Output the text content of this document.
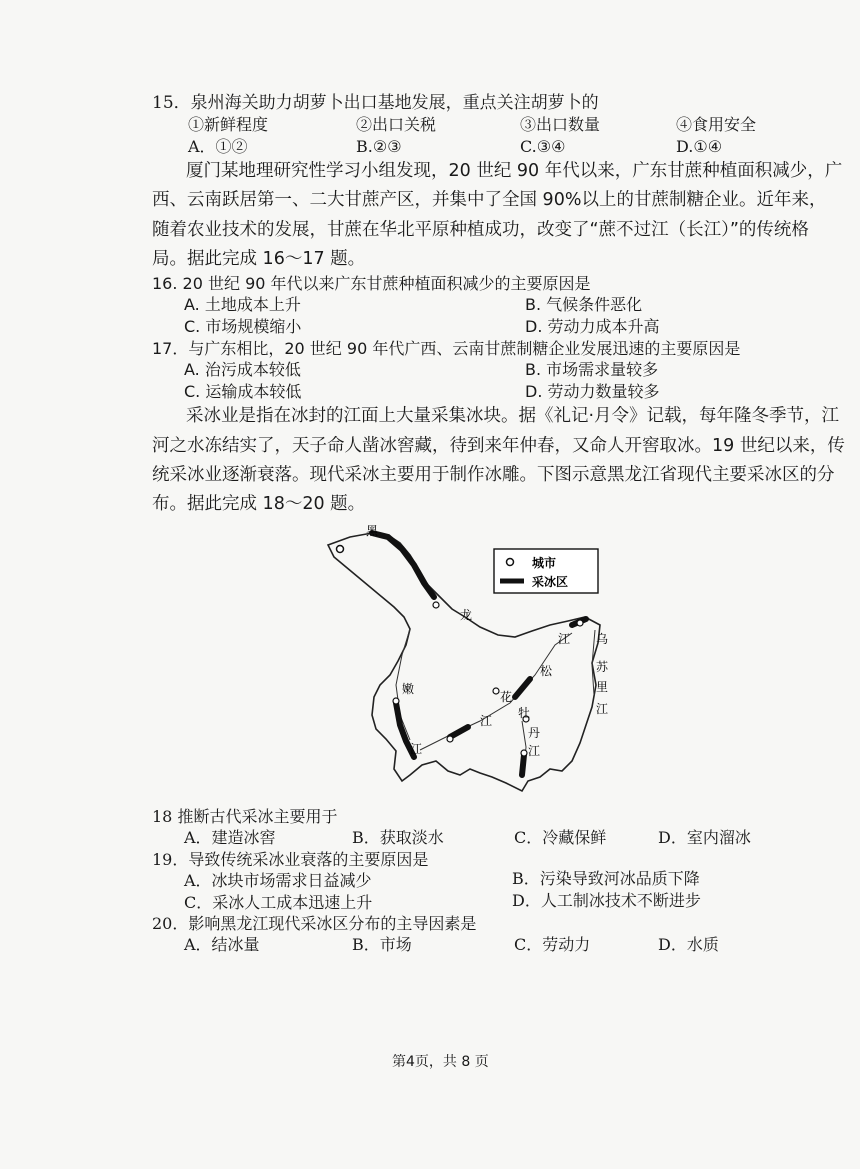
15．泉州海关助力胡萝卜出口基地发展，重点关注胡萝卜的
①新鲜程度	②出口关税	③出口数量	④食用安全
A．①②	B.②③	C.③④	D.①④
厦门某地理研究性学习小组发现，20 世纪 90 年代以来，广东甘蔗种植面积减少，广
西、云南跃居第一、二大甘蔗产区，并集中了全国 90%以上的甘蔗制糖企业。近年来，
随着农业技术的发展，甘蔗在华北平原种植成功，改变了“蔗不过江（长江）”的传统格
局。据此完成 16～17 题。
16. 20 世纪 90 年代以来广东甘蔗种植面积减少的主要原因是
A. 土地成本上升	B. 气候条件恶化
C. 市场规模缩小	D. 劳动力成本升高
17．与广东相比，20 世纪 90 年代广西、云南甘蔗制糖企业发展迅速的主要原因是
A. 治污成本较低	B. 市场需求量较多
C. 运输成本较低	D. 劳动力数量较多
采冰业是指在冰封的江面上大量采集冰块。据《礼记·月令》记载，每年隆冬季节，江
河之水冻结实了，天子命人凿冰窖藏，待到来年仲春，又命人开窖取冰。19 世纪以来，传
统采冰业逐渐衰落。现代采冰主要用于制作冰雕。下图示意黑龙江省现代主要采冰区的分
布。据此完成 18～20 题。
黑
龙
江 乌
苏
里
江
嫩
江
松
花
江
牡
丹
江
城市
采冰区
18 推断古代采冰主要用于
A．建造冰窖	B．获取淡水	C．冷藏保鲜	D．室内溜冰
19．导致传统采冰业衰落的主要原因是
A．冰块市场需求日益减少	B．污染导致河冰品质下降
C．采冰人工成本迅速上升	D．人工制冰技术不断进步
20．影响黑龙江现代采冰区分布的主导因素是
A．结冰量	B．市场	C．劳动力	D．水质
第4页，共 8 页
